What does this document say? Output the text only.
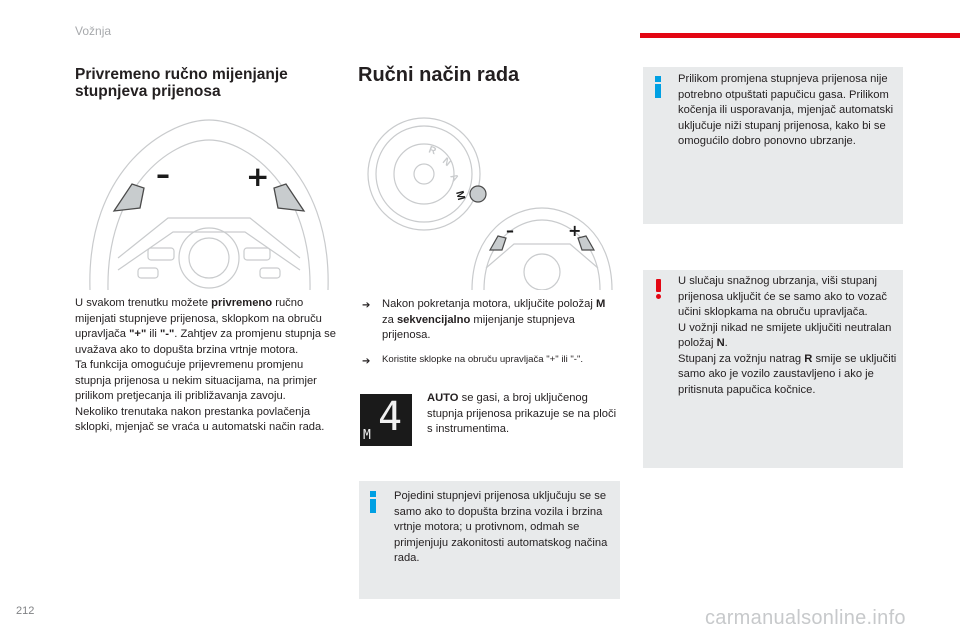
Vožnja
Privremeno ručno mijenjanje stupnjeva prijenosa
–	+
U svakom trenutku možete privremeno ručno mijenjati stupnjeve prijenosa, sklopkom na obruču upravljača "+" ili "-". Zahtjev za promjenu stupnja se uvažava ako to dopušta brzina vrtnje motora.
Ta funkcija omogućuje prijevremenu promjenu stupnja prijenosa u nekim situacijama, na primjer prilikom pretjecanja ili približavanja zavoju.
Nekoliko trenutaka nakon prestanka povlačenja sklopki, mjenjač se vraća u automatski način rada.
Ručni način rada
R
N
A
M
–	+
➔	Nakon pokretanja motora, uključite položaj M za sekvencijalno mijenjanje stupnjeva prijenosa.
➔	Koristite sklopke na obruču upravljača "+" ili "-".
4
M
AUTO se gasi, a broj uključenog stupnja prijenosa prikazuje se na ploči s instrumentima.
Pojedini stupnjevi prijenosa uključuju se se samo ako to dopušta brzina vozila i brzina vrtnje motora; u protivnom, odmah se primjenjuju zakonitosti automatskog načina rada.
Prilikom promjena stupnjeva prijenosa nije potrebno otpuštati papučicu gasa. Prilikom kočenja ili usporavanja, mjenjač automatski uključuje niži stupanj prijenosa, kako bi se omogućilo dobro ponovno ubrzanje.
U slučaju snažnog ubrzanja, viši stupanj prijenosa uključit će se samo ako to vozač učini sklopkama na obruču upravljača.
U vožnji nikad ne smijete uključiti neutralan položaj N.
Stupanj za vožnju natrag R smije se uključiti samo ako je vozilo zaustavljeno i ako je pritisnuta papučica kočnice.
212	carmanualsonline.info
